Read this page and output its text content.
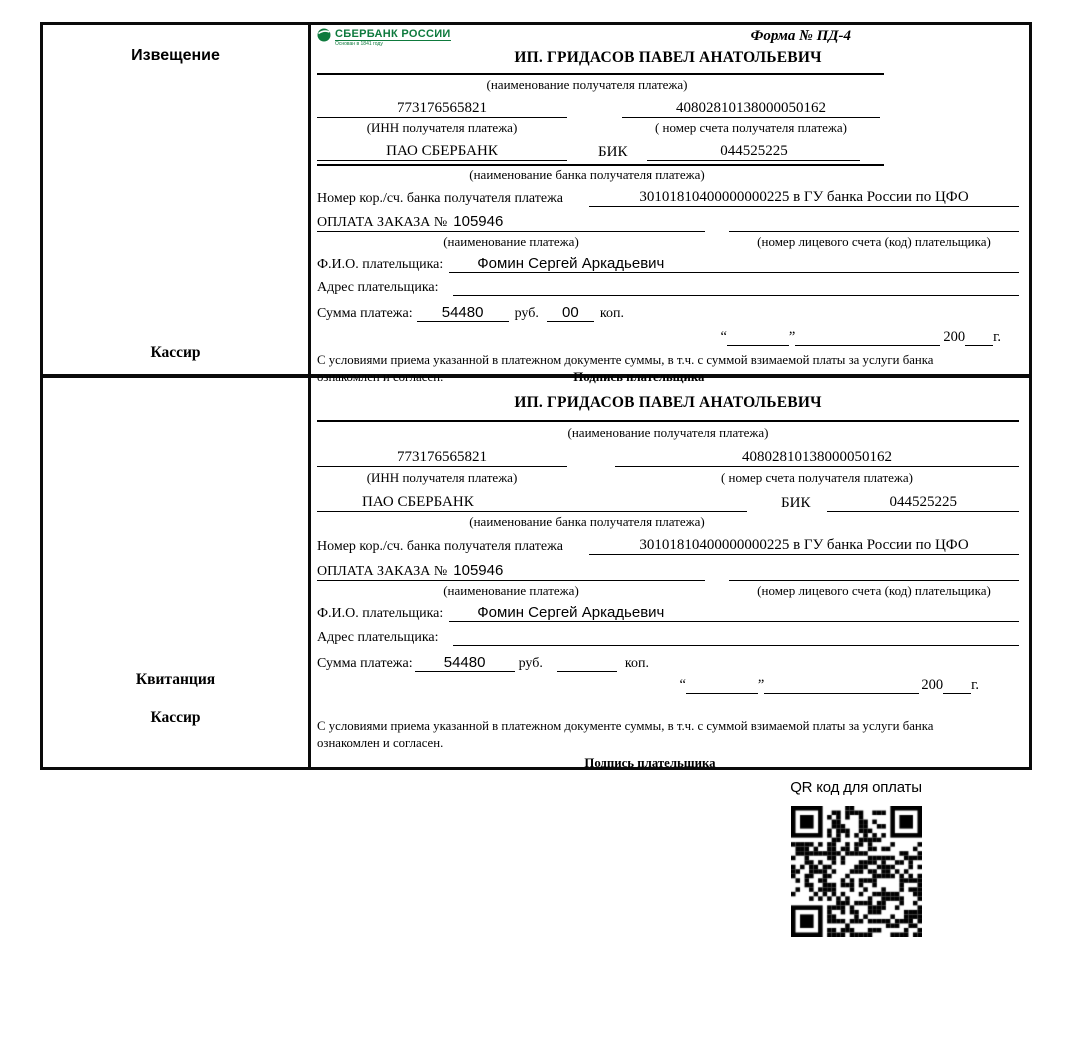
Извещение
Кассир
СБЕРБАНК РОССИИ
Основан в 1841 году
Форма № ПД-4
ИП. ГРИДАСОВ ПАВЕЛ АНАТОЛЬЕВИЧ
(наименование получателя платежа)
773176565821	40802810138000050162
(ИНН получателя платежа)	( номер счета получателя платежа)
ПАО СБЕРБАНК	БИК	044525225
(наименование банка получателя платежа)
Номер кор./сч. банка получателя платежа	30101810400000000225 в ГУ банка России по ЦФО
ОПЛАТА ЗАКАЗА № 105946
(наименование платежа)	(номер лицевого счета (код) плательщика)
Ф.И.О. плательщика:	Фомин Сергей Аркадьевич
Адрес плательщика:
Сумма платежа:	54480	руб.	00	коп.
“	”	200 г.
С условиями приема указанной в платежном документе суммы, в т.ч. с суммой взимаемой платы за услуги банка
ознакомлен и согласен.	Подпись плательщика
Квитанция
Кассир
ИП. ГРИДАСОВ ПАВЕЛ АНАТОЛЬЕВИЧ
(наименование получателя платежа)
773176565821	40802810138000050162
(ИНН получателя платежа)	( номер счета получателя платежа)
ПАО СБЕРБАНК	БИК	044525225
(наименование банка получателя платежа)
Номер кор./сч. банка получателя платежа	30101810400000000225 в ГУ банка России по ЦФО
ОПЛАТА ЗАКАЗА № 105946
(наименование платежа)	(номер лицевого счета (код) плательщика)
Ф.И.О. плательщика:	Фомин Сергей Аркадьевич
Адрес плательщика:
Сумма платежа:	54480	руб.	коп.
“	”	200 г.
С условиями приема указанной в платежном документе суммы, в т.ч. с суммой взимаемой платы за услуги банка
ознакомлен и согласен.
Подпись плательщика
QR код для оплаты
